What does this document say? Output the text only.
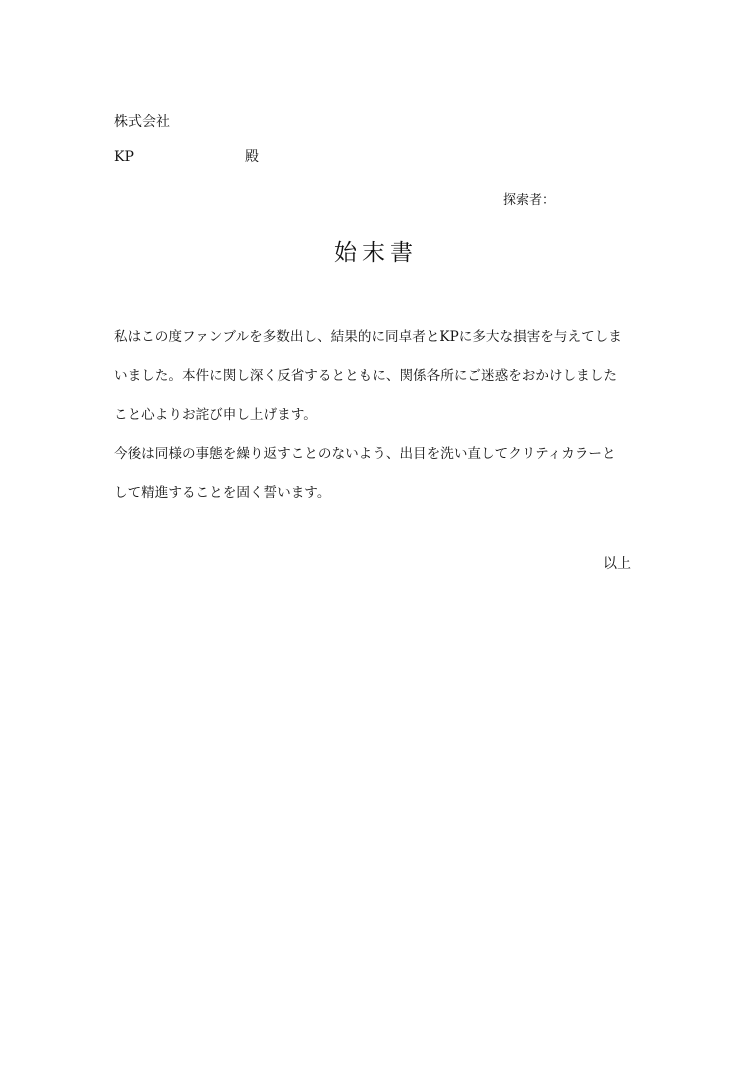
株式会社
KP	殿
探索者：
始末書
私はこの度ファンブルを多数出し、結果的に同卓者とKPに多大な損害を与えてしま
いました。本件に関し深く反省するとともに、関係各所にご迷惑をおかけしました
こと心よりお詫び申し上げます。
今後は同様の事態を繰り返すことのないよう、出目を洗い直してクリティカラーと
して精進することを固く誓います。
以上
